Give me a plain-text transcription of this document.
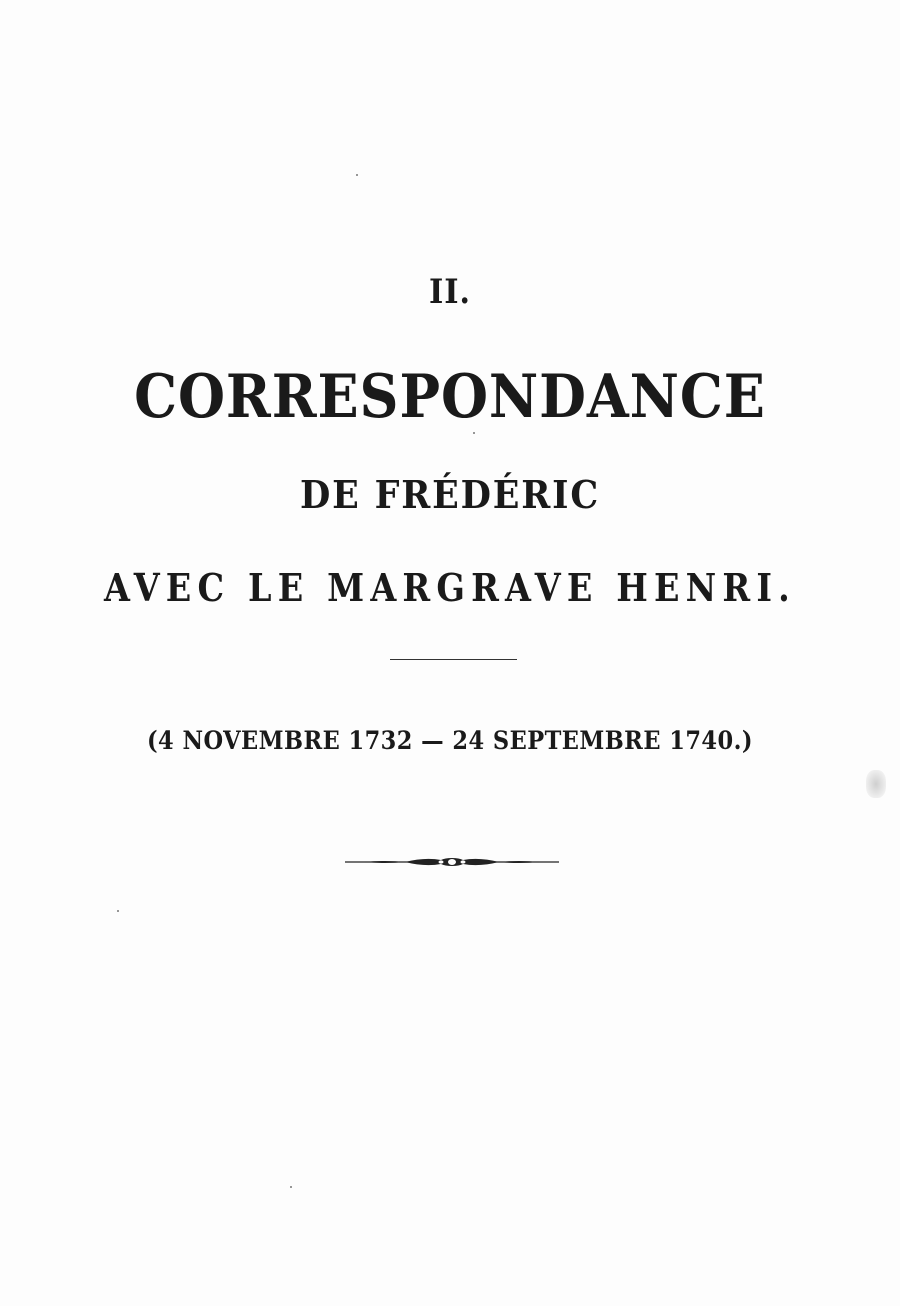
II.
CORRESPONDANCE
DE FRÉDÉRIC
AVEC LE MARGRAVE HENRI.
(4 NOVEMBRE 1732 — 24 SEPTEMBRE 1740.)
